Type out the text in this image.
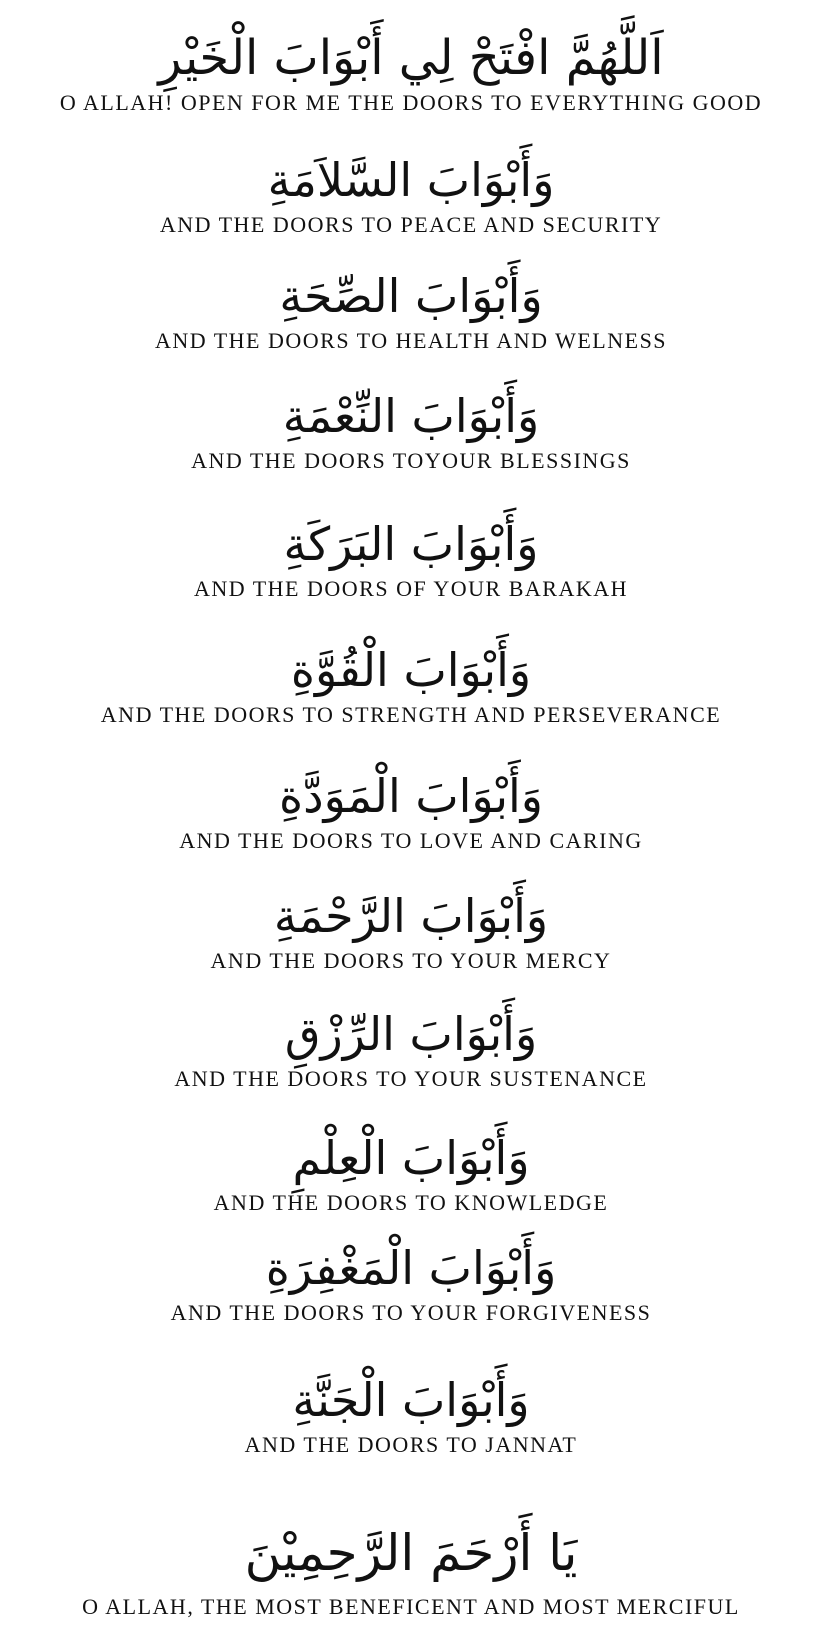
اَللَّهُمَّ افْتَحْ لِي أَبْوَابَ الْخَيْرِ
O ALLAH! OPEN FOR ME THE DOORS TO EVERYTHING GOOD
وَأَبْوَابَ السَّلاَمَةِ
AND THE DOORS TO PEACE AND SECURITY
وَأَبْوَابَ الصِّحَةِ
AND THE DOORS TO HEALTH AND WELNESS
وَأَبْوَابَ النِّعْمَةِ
AND THE DOORS TOYOUR BLESSINGS
وَأَبْوَابَ البَرَكَةِ
AND THE DOORS OF YOUR BARAKAH
وَأَبْوَابَ الْقُوَّةِ
AND THE DOORS TO STRENGTH AND PERSEVERANCE
وَأَبْوَابَ الْمَوَدَّةِ
AND THE DOORS TO LOVE AND CARING
وَأَبْوَابَ الرَّحْمَةِ
AND THE DOORS TO YOUR MERCY
وَأَبْوَابَ الرِّزْقِ
AND THE DOORS TO YOUR SUSTENANCE
وَأَبْوَابَ الْعِلْمِ
AND THE DOORS TO KNOWLEDGE
وَأَبْوَابَ الْمَغْفِرَةِ
AND THE DOORS TO YOUR FORGIVENESS
وَأَبْوَابَ الْجَنَّةِ
AND THE DOORS TO JANNAT
يَا أَرْحَمَ الرَّحِمِيْنَ
O ALLAH, THE MOST BENEFICENT AND MOST MERCIFUL
